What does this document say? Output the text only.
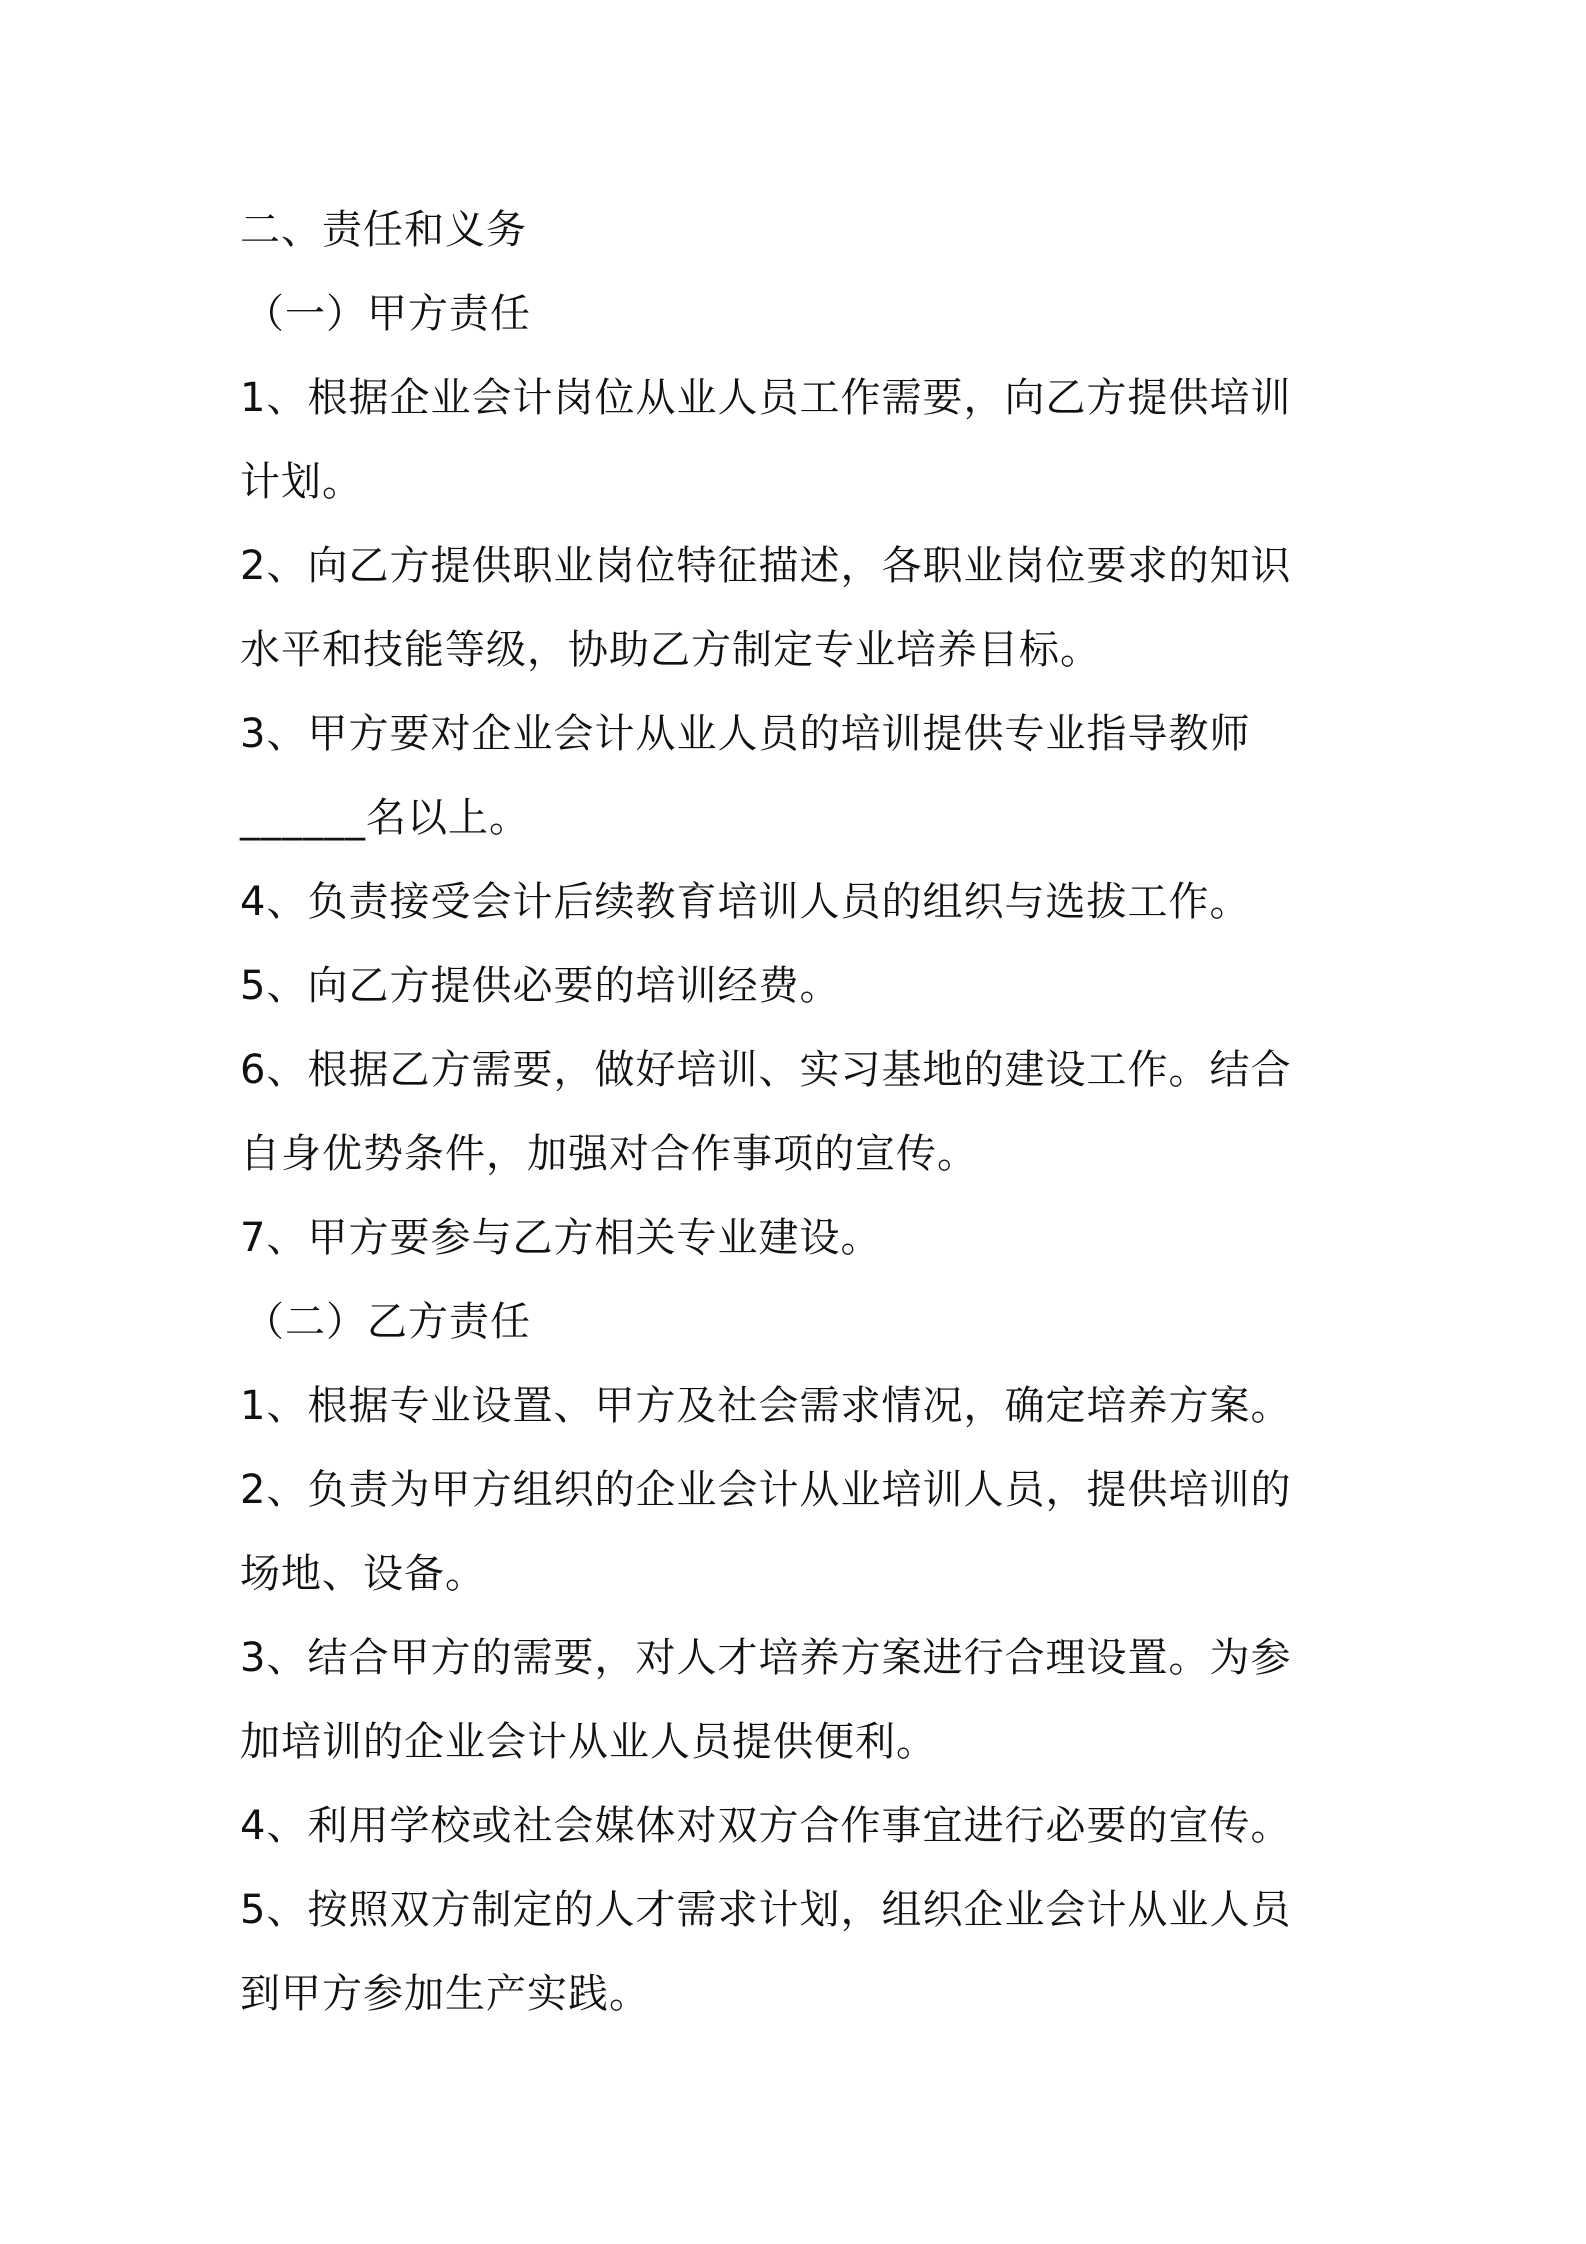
二、责任和义务
（一）甲方责任
1、根据企业会计岗位从业人员工作需要，向乙方提供培训
计划。
2、向乙方提供职业岗位特征描述，各职业岗位要求的知识
水平和技能等级，协助乙方制定专业培养目标。
3、甲方要对企业会计从业人员的培训提供专业指导教师
______名以上。
4、负责接受会计后续教育培训人员的组织与选拔工作。
5、向乙方提供必要的培训经费。
6、根据乙方需要，做好培训、实习基地的建设工作。结合
自身优势条件，加强对合作事项的宣传。
7、甲方要参与乙方相关专业建设。
（二）乙方责任
1、根据专业设置、甲方及社会需求情况，确定培养方案。
2、负责为甲方组织的企业会计从业培训人员，提供培训的
场地、设备。
3、结合甲方的需要，对人才培养方案进行合理设置。为参
加培训的企业会计从业人员提供便利。
4、利用学校或社会媒体对双方合作事宜进行必要的宣传。
5、按照双方制定的人才需求计划，组织企业会计从业人员
到甲方参加生产实践。
